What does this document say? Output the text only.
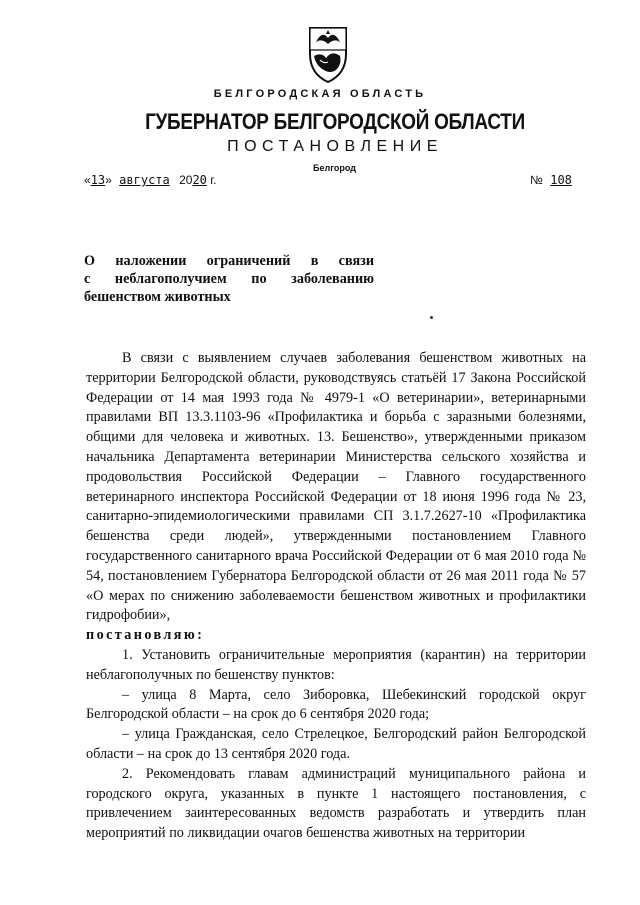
БЕЛГОРОДСКАЯ ОБЛАСТЬ
ГУБЕРНАТОР БЕЛГОРОДСКОЙ ОБЛАСТИ
ПОСТАНОВЛЕНИЕ
Белгород
«13» августа 2020 г.	№ 108
О наложении ограничений в связи
с неблагополучием по заболеванию
бешенством животных

В связи с выявлением случаев заболевания бешенством животных на территории Белгородской области, руководствуясь статьёй 17 Закона Российской Федерации от 14 мая 1993 года № 4979-1 «О ветеринарии», ветеринарными правилами ВП 13.3.1103-96 «Профилактика и борьба с заразными болезнями, общими для человека и животных. 13. Бешенство», утвержденными приказом начальника Департамента ветеринарии Министерства сельского хозяйства и продовольствия Российской Федерации – Главного государственного ветеринарного инспектора Российской Федерации от 18 июня 1996 года № 23, санитарно-эпидемиологическими правилами СП 3.1.7.2627-10 «Профилактика бешенства среди людей», утвержденными постановлением Главного государственного санитарного врача Российской Федерации от 6 мая 2010 года № 54, постановлением Губернатора Белгородской области от 26 мая 2011 года № 57 «О мерах по снижению заболеваемости бешенством животных и профилактики гидрофобии»,

постановляю:

1. Установить ограничительные мероприятия (карантин) на территории неблагополучных по бешенству пунктов:

– улица 8 Марта, село Зиборовка, Шебекинский городской округ Белгородской области – на срок до 6 сентября 2020 года;

– улица Гражданская, село Стрелецкое, Белгородский район Белгородской области – на срок до 13 сентября 2020 года.

2. Рекомендовать главам администраций муниципального района и городского округа, указанных в пункте 1 настоящего постановления, с привлечением заинтересованных ведомств разработать и утвердить план мероприятий по ликвидации очагов бешенства животных на территории
